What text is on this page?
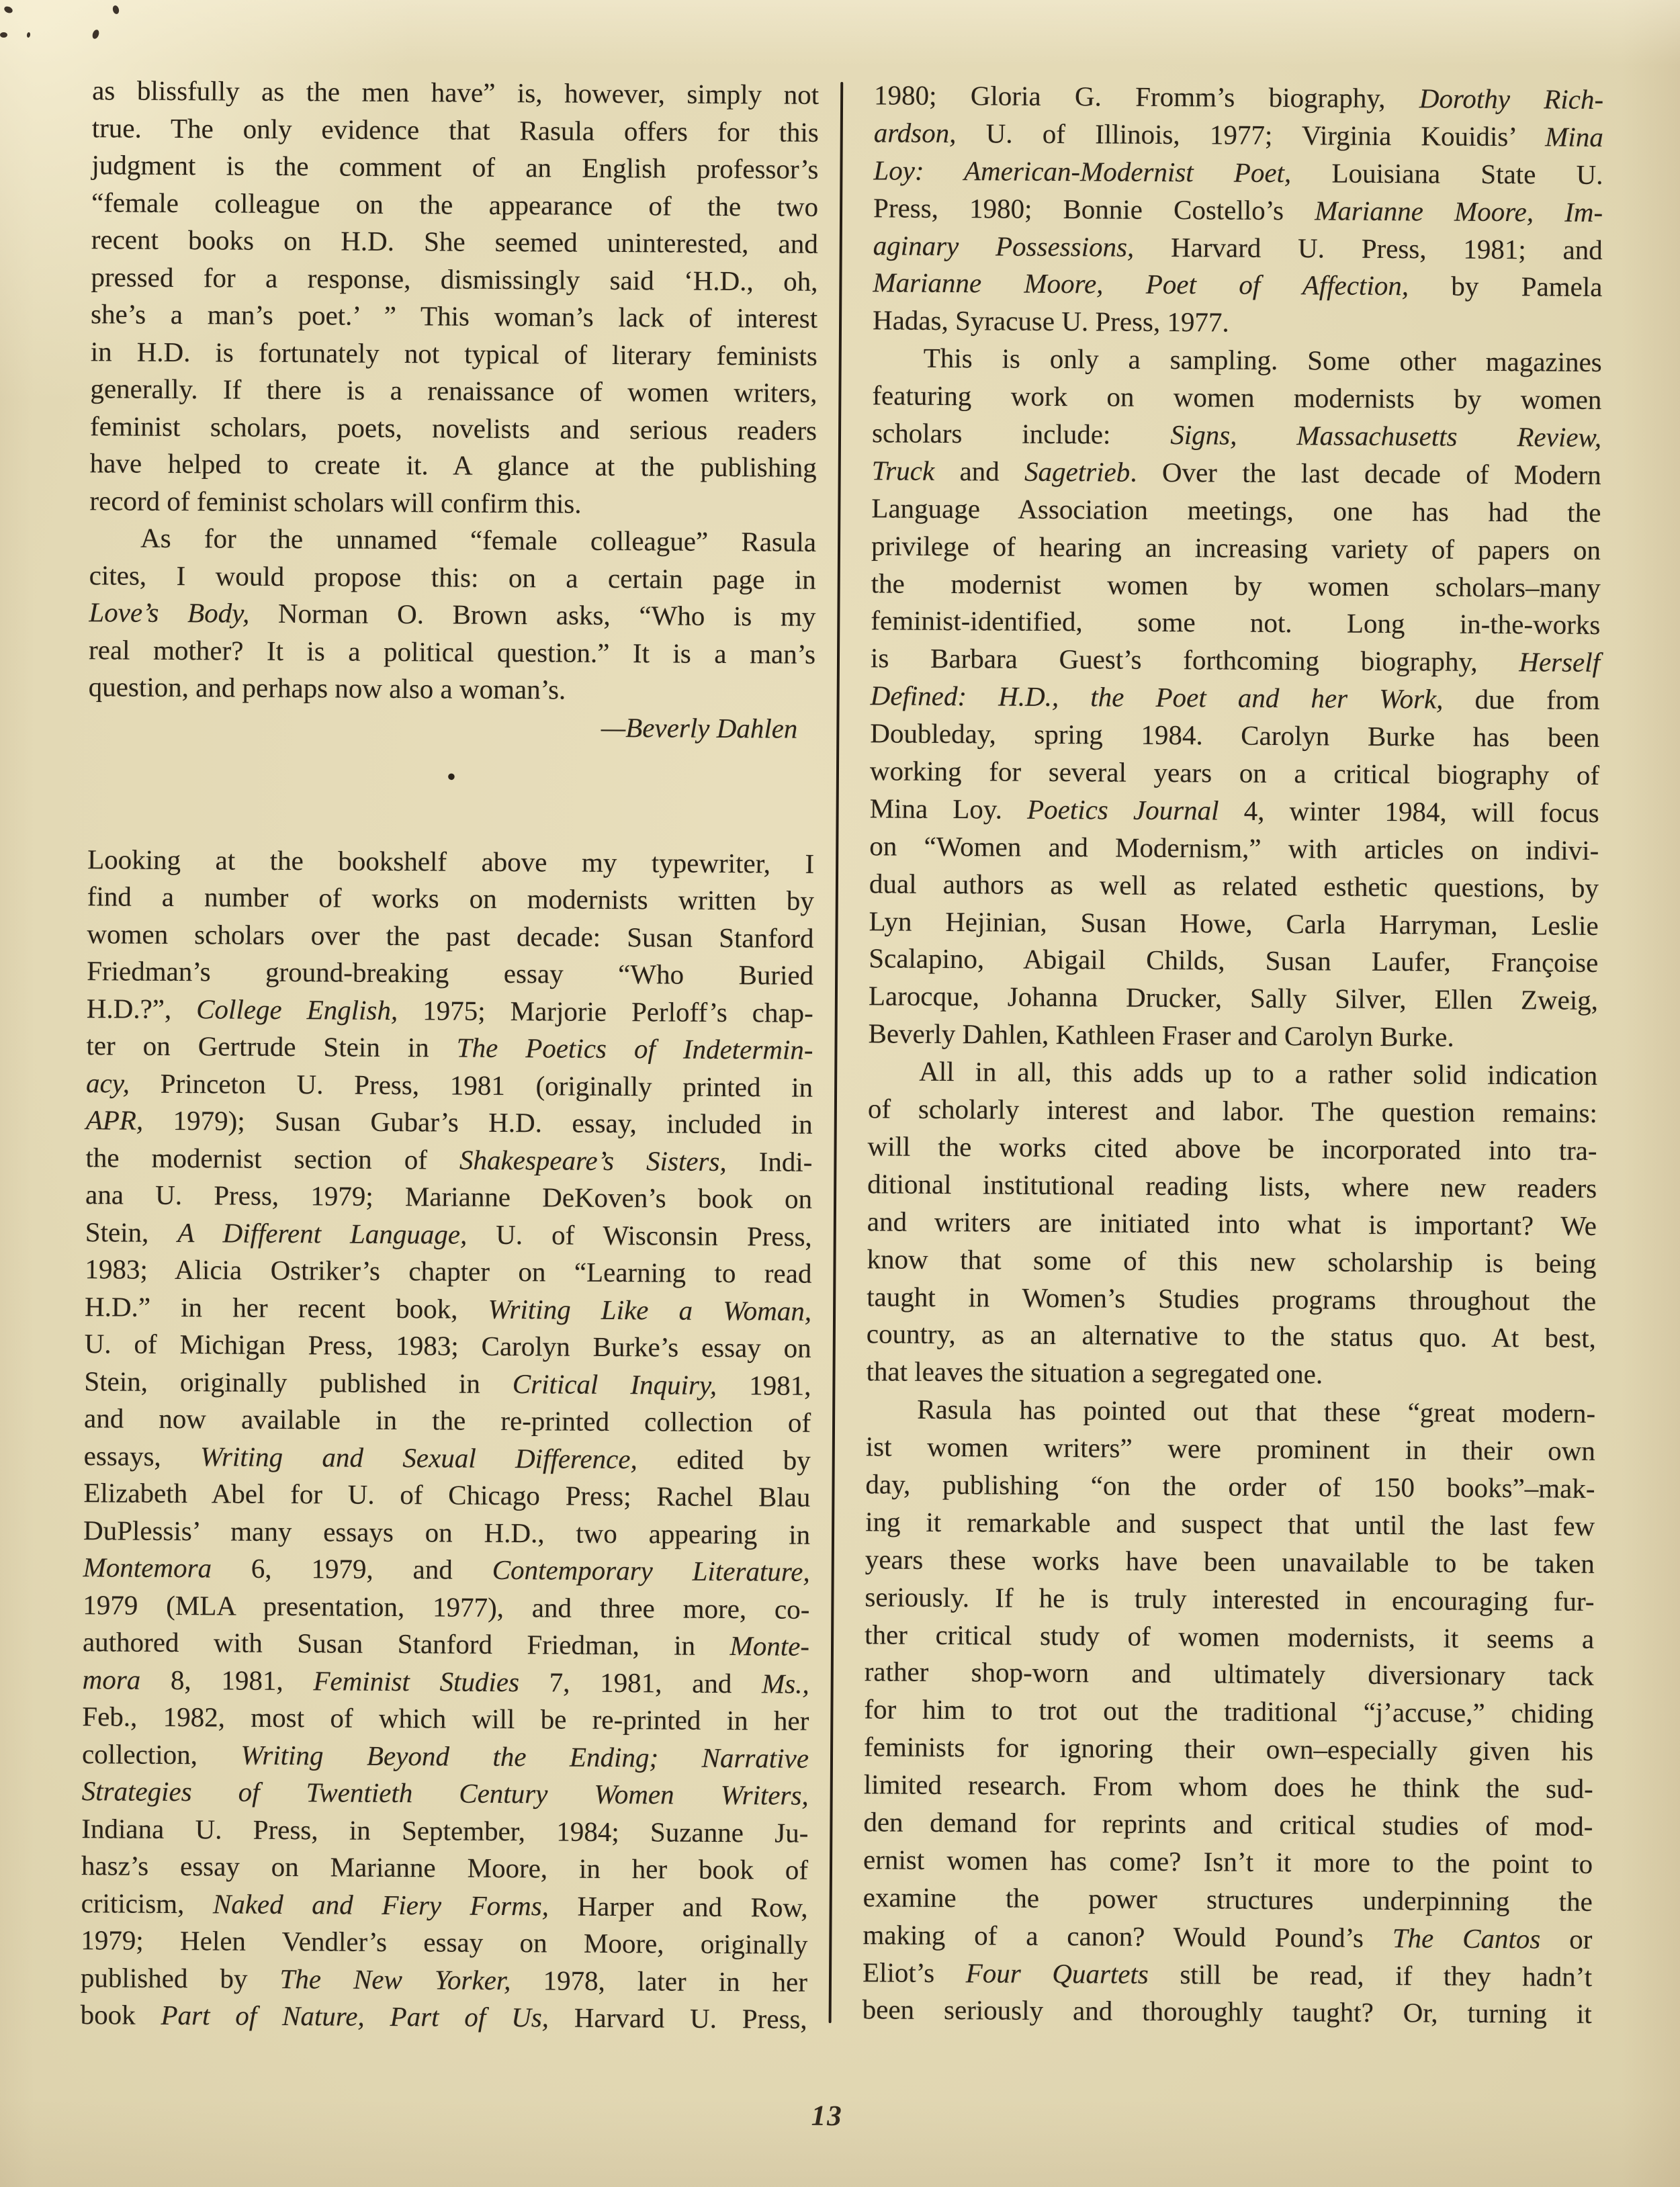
as blissfully as the men have” is, however, simply not
true. The only evidence that Rasula offers for this
judgment is the comment of an English professor’s
“female colleague on the appearance of the two
recent books on H.D. She seemed uninterested, and
pressed for a response, dismissingly said ‘H.D., oh,
she’s a man’s poet.’ ” This woman’s lack of interest
in H.D. is fortunately not typical of literary feminists
generally. If there is a renaissance of women writers,
feminist scholars, poets, novelists and serious readers
have helped to create it. A glance at the publishing
record of feminist scholars will confirm this.
As for the unnamed “female colleague” Rasula
cites, I would propose this: on a certain page in
Love’s Body, Norman O. Brown asks, “Who is my
real mother? It is a political question.” It is a man’s
question, and perhaps now also a woman’s.
—Beverly Dahlen
●
Looking at the bookshelf above my typewriter, I
find a number of works on modernists written by
women scholars over the past decade: Susan Stanford
Friedman’s ground-breaking essay “Who Buried
H.D.?”, College English, 1975; Marjorie Perloff’s chap-
ter on Gertrude Stein in The Poetics of Indetermin-
acy, Princeton U. Press, 1981 (originally printed in
APR, 1979); Susan Gubar’s H.D. essay, included in
the modernist section of Shakespeare’s Sisters, Indi-
ana U. Press, 1979; Marianne DeKoven’s book on
Stein, A Different Language, U. of Wisconsin Press,
1983; Alicia Ostriker’s chapter on “Learning to read
H.D.” in her recent book, Writing Like a Woman,
U. of Michigan Press, 1983; Carolyn Burke’s essay on
Stein, originally published in Critical Inquiry, 1981,
and now available in the re-printed collection of
essays, Writing and Sexual Difference, edited by
Elizabeth Abel for U. of Chicago Press; Rachel Blau
DuPlessis’ many essays on H.D., two appearing in
Montemora 6, 1979, and Contemporary Literature,
1979 (MLA presentation, 1977), and three more, co-
authored with Susan Stanford Friedman, in Monte-
mora 8, 1981, Feminist Studies 7, 1981, and Ms.,
Feb., 1982, most of which will be re-printed in her
collection, Writing Beyond the Ending; Narrative
Strategies of Twentieth Century Women Writers,
Indiana U. Press, in September, 1984; Suzanne Ju-
hasz’s essay on Marianne Moore, in her book of
criticism, Naked and Fiery Forms, Harper and Row,
1979; Helen Vendler’s essay on Moore, originally
published by The New Yorker, 1978, later in her
book Part of Nature, Part of Us, Harvard U. Press,
1980; Gloria G. Fromm’s biography, Dorothy Rich-
ardson, U. of Illinois, 1977; Virginia Kouidis’ Mina
Loy: American-Modernist Poet, Louisiana State U.
Press, 1980; Bonnie Costello’s Marianne Moore, Im-
aginary Possessions, Harvard U. Press, 1981; and
Marianne Moore, Poet of Affection, by Pamela
Hadas, Syracuse U. Press, 1977.
This is only a sampling. Some other magazines
featuring work on women modernists by women
scholars include: Signs, Massachusetts Review,
Truck and Sagetrieb. Over the last decade of Modern
Language Association meetings, one has had the
privilege of hearing an increasing variety of papers on
the modernist women by women scholars–many
feminist-identified, some not. Long in-the-works
is Barbara Guest’s forthcoming biography, Herself
Defined: H.D., the Poet and her Work, due from
Doubleday, spring 1984. Carolyn Burke has been
working for several years on a critical biography of
Mina Loy. Poetics Journal 4, winter 1984, will focus
on “Women and Modernism,” with articles on indivi-
dual authors as well as related esthetic questions, by
Lyn Hejinian, Susan Howe, Carla Harryman, Leslie
Scalapino, Abigail Childs, Susan Laufer, Françoise
Larocque, Johanna Drucker, Sally Silver, Ellen Zweig,
Beverly Dahlen, Kathleen Fraser and Carolyn Burke.
All in all, this adds up to a rather solid indication
of scholarly interest and labor. The question remains:
will the works cited above be incorporated into tra-
ditional institutional reading lists, where new readers
and writers are initiated into what is important? We
know that some of this new scholarship is being
taught in Women’s Studies programs throughout the
country, as an alternative to the status quo. At best,
that leaves the situation a segregated one.
Rasula has pointed out that these “great modern-
ist women writers” were prominent in their own
day, publishing “on the order of 150 books”–mak-
ing it remarkable and suspect that until the last few
years these works have been unavailable to be taken
seriously. If he is truly interested in encouraging fur-
ther critical study of women modernists, it seems a
rather shop-worn and ultimately diversionary tack
for him to trot out the traditional “j’accuse,” chiding
feminists for ignoring their own–especially given his
limited research. From whom does he think the sud-
den demand for reprints and critical studies of mod-
ernist women has come? Isn’t it more to the point to
examine the power structures underpinning the
making of a canon? Would Pound’s The Cantos or
Eliot’s Four Quartets still be read, if they hadn’t
been seriously and thoroughly taught? Or, turning it
13
